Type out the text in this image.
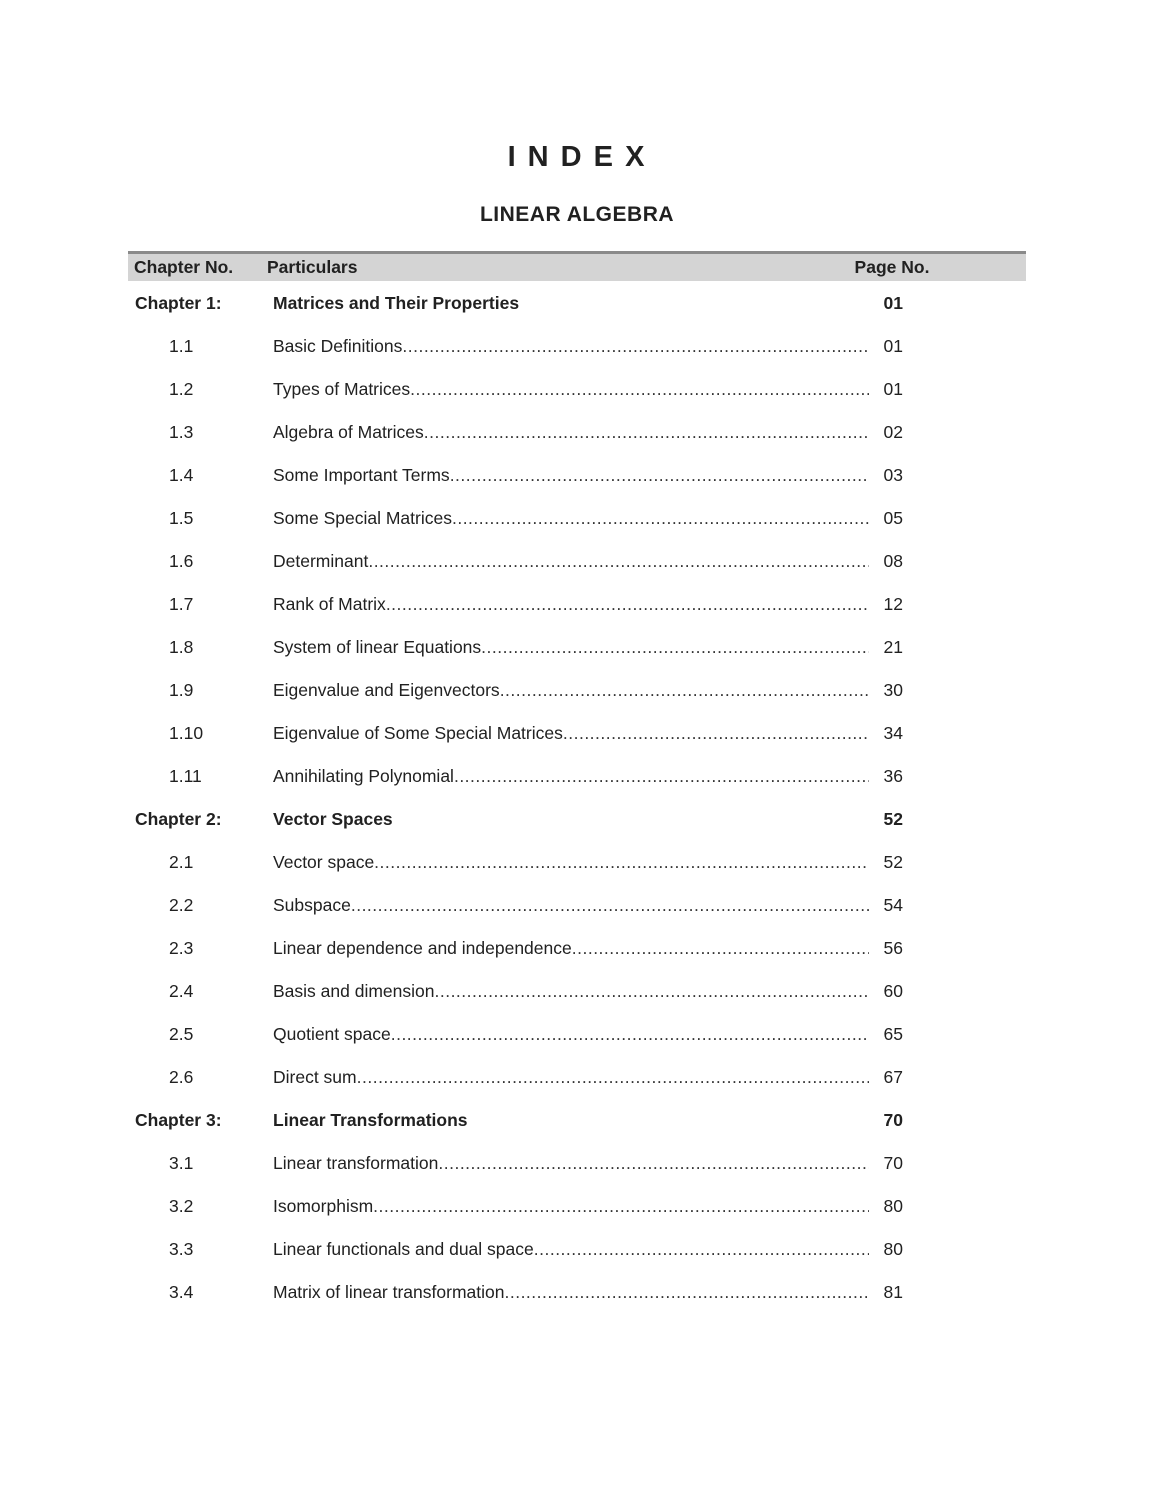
I N D E X
LINEAR ALGEBRA
Chapter No.	Particulars	Page No.
Chapter 1:	Matrices and Their Properties	01
1.1	Basic Definitions .....	01
1.2	Types of Matrices .....	01
1.3	Algebra of Matrices .....	02
1.4	Some Important Terms .....	03
1.5	Some Special Matrices .....	05
1.6	Determinant .....	08
1.7	Rank of Matrix .....	12
1.8	System of linear Equations .....	21
1.9	Eigenvalue and Eigenvectors .....	30
1.10	Eigenvalue of Some Special Matrices .....	34
1.11	Annihilating Polynomial .....	36
Chapter 2:	Vector Spaces	52
2.1	Vector space .....	52
2.2	Subspace .....	54
2.3	Linear dependence and independence .....	56
2.4	Basis and dimension .....	60
2.5	Quotient space .....	65
2.6	Direct sum .....	67
Chapter 3:	Linear Transformations	70
3.1	Linear transformation .....	70
3.2	Isomorphism .....	80
3.3	Linear functionals and dual space .....	80
3.4	Matrix of linear transformation .....	81
